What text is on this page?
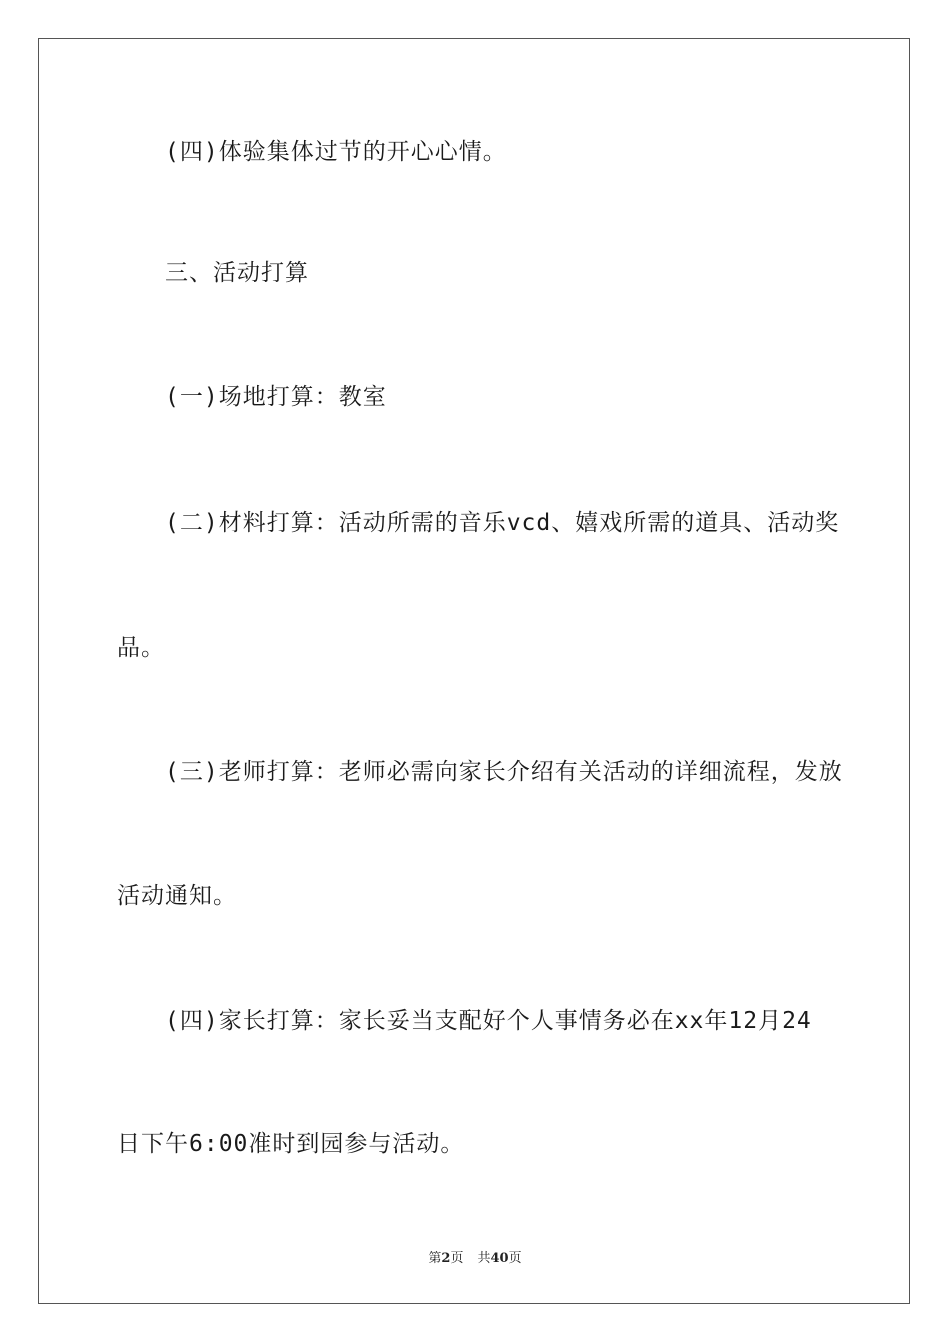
(四)体验集体过节的开心心情。
三、活动打算
(一)场地打算：教室
(二)材料打算：活动所需的音乐vcd、嬉戏所需的道具、活动奖
品。
(三)老师打算：老师必需向家长介绍有关活动的详细流程，发放
活动通知。
(四)家长打算：家长妥当支配好个人事情务必在xx年12月24
日下午6:00准时到园参与活动。
第2页 共40页
